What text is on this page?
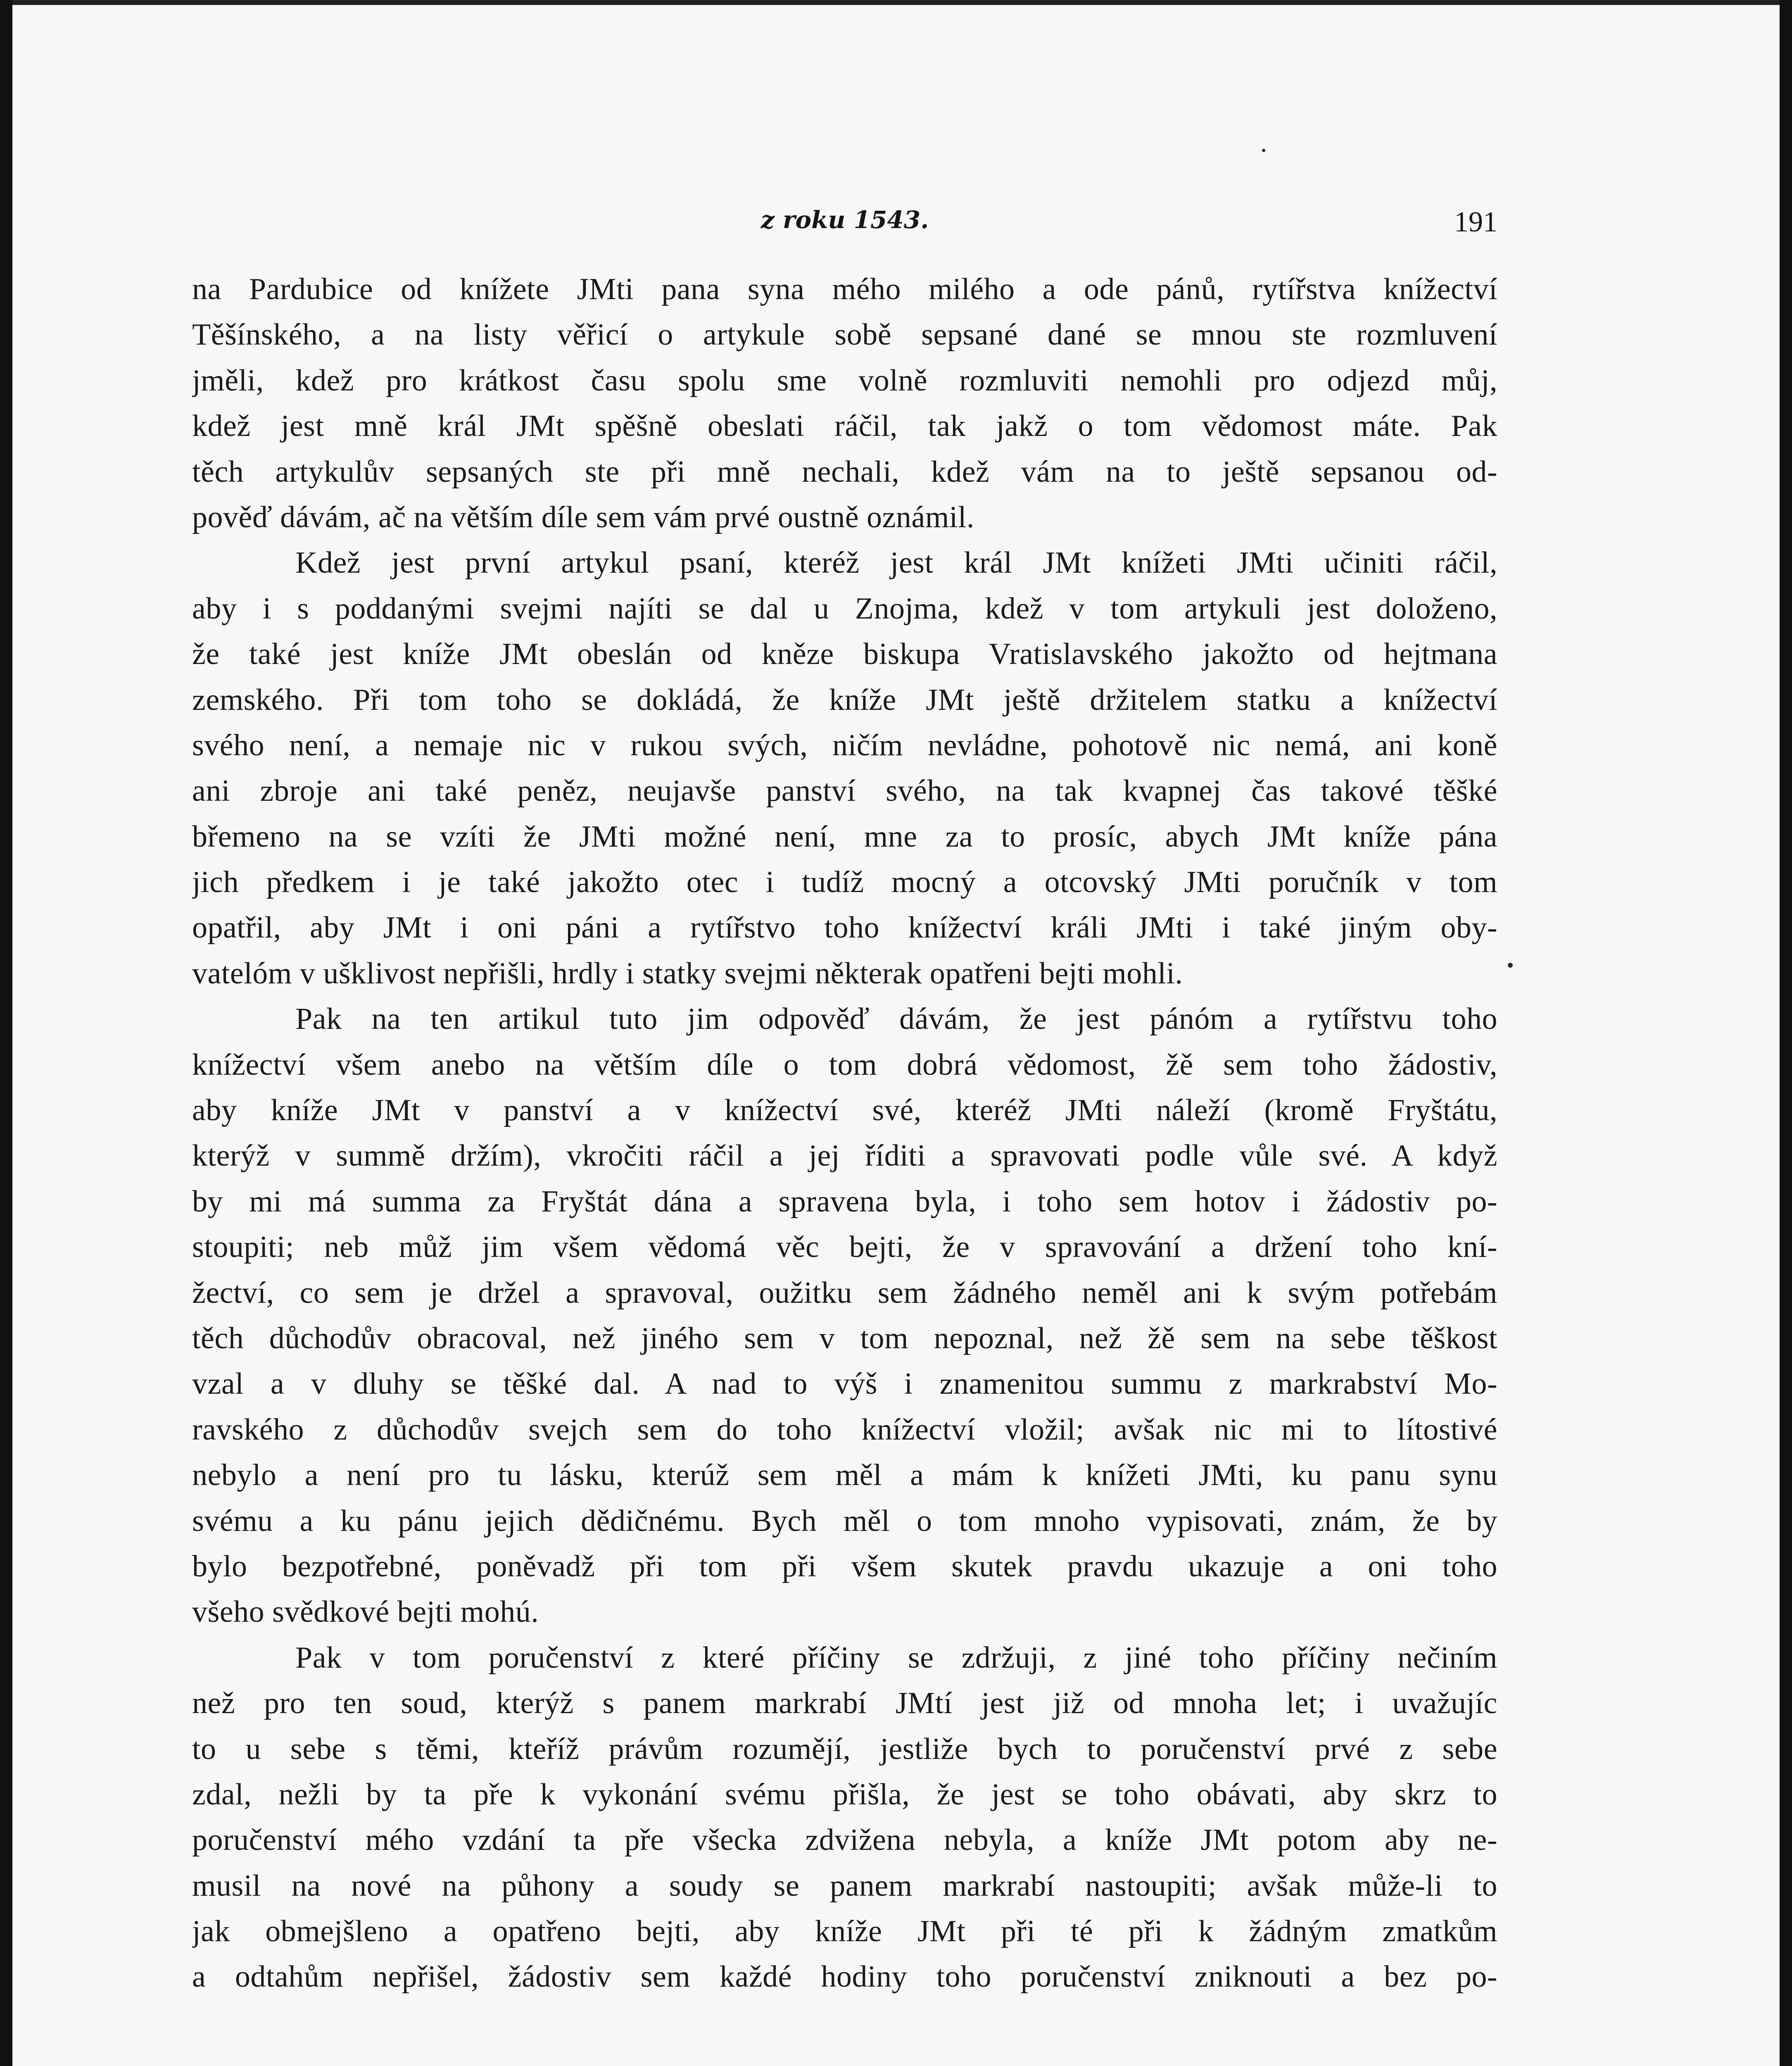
z roku 1543.	191
na Pardubice od knížete JMti pana syna mého milého a ode pánů, rytířstva knížectví
Těšínského, a na listy věřicí o artykule sobě sepsané dané se mnou ste rozmluvení
jměli, kdež pro krátkost času spolu sme volně rozmluviti nemohli pro odjezd můj,
kdež jest mně král JMt spěšně obeslati ráčil, tak jakž o tom vědomost máte. Pak
těch artykulův sepsaných ste při mně nechali, kdež vám na to ještě sepsanou od-
pověď dávám, ač na větším díle sem vám prvé oustně oznámil.
Kdež jest první artykul psaní, kteréž jest král JMt knížeti JMti učiniti ráčil,
aby i s poddanými svejmi najíti se dal u Znojma, kdež v tom artykuli jest doloženo,
že také jest kníže JMt obeslán od kněze biskupa Vratislavského jakožto od hejtmana
zemského. Při tom toho se dokládá, že kníže JMt ještě držitelem statku a knížectví
svého není, a nemaje nic v rukou svých, ničím nevládne, pohotově nic nemá, ani koně
ani zbroje ani také peněz, neujavše panství svého, na tak kvapnej čas takové těšké
břemeno na se vzíti že JMti možné není, mne za to prosíc, abych JMt kníže pána
jich předkem i je také jakožto otec i tudíž mocný a otcovský JMti poručník v tom
opatřil, aby JMt i oni páni a rytířstvo toho knížectví králi JMti i také jiným oby-
vatelóm v ušklivost nepřišli, hrdly i statky svejmi některak opatřeni bejti mohli.
Pak na ten artikul tuto jim odpověď dávám, že jest pánóm a rytířstvu toho
knížectví všem anebo na větším díle o tom dobrá vědomost, žě sem toho žádostiv,
aby kníže JMt v panství a v knížectví své, kteréž JMti náleží (kromě Fryštátu,
kterýž v summě držím), vkročiti ráčil a jej říditi a spravovati podle vůle své. A když
by mi má summa za Fryštát dána a spravena byla, i toho sem hotov i žádostiv po-
stoupiti; neb můž jim všem vědomá věc bejti, že v spravování a držení toho kní-
žectví, co sem je držel a spravoval, oužitku sem žádného neměl ani k svým potřebám
těch důchodův obracoval, než jiného sem v tom nepoznal, než žě sem na sebe těškost
vzal a v dluhy se těšké dal. A nad to výš i znamenitou summu z markrabství Mo-
ravského z důchodův svejch sem do toho knížectví vložil; avšak nic mi to lítostivé
nebylo a není pro tu lásku, kterúž sem měl a mám k knížeti JMti, ku panu synu
svému a ku pánu jejich dědičnému. Bych měl o tom mnoho vypisovati, znám, že by
bylo bezpotřebné, poněvadž při tom při všem skutek pravdu ukazuje a oni toho
všeho svědkové bejti mohú.
Pak v tom poručenství z které příčiny se zdržuji, z jiné toho příčiny nečiním
než pro ten soud, kterýž s panem markrabí JMtí jest již od mnoha let; i uvažujíc
to u sebe s těmi, kteříž právům rozumějí, jestliže bych to poručenství prvé z sebe
zdal, nežli by ta pře k vykonání svému přišla, že jest se toho obávati, aby skrz to
poručenství mého vzdání ta pře všecka zdvižena nebyla, a kníže JMt potom aby ne-
musil na nové na půhony a soudy se panem markrabí nastoupiti; avšak může-li to
jak obmejšleno a opatřeno bejti, aby kníže JMt při té při k žádným zmatkům
a odtahům nepřišel, žádostiv sem každé hodiny toho poručenství zniknouti a bez po-
